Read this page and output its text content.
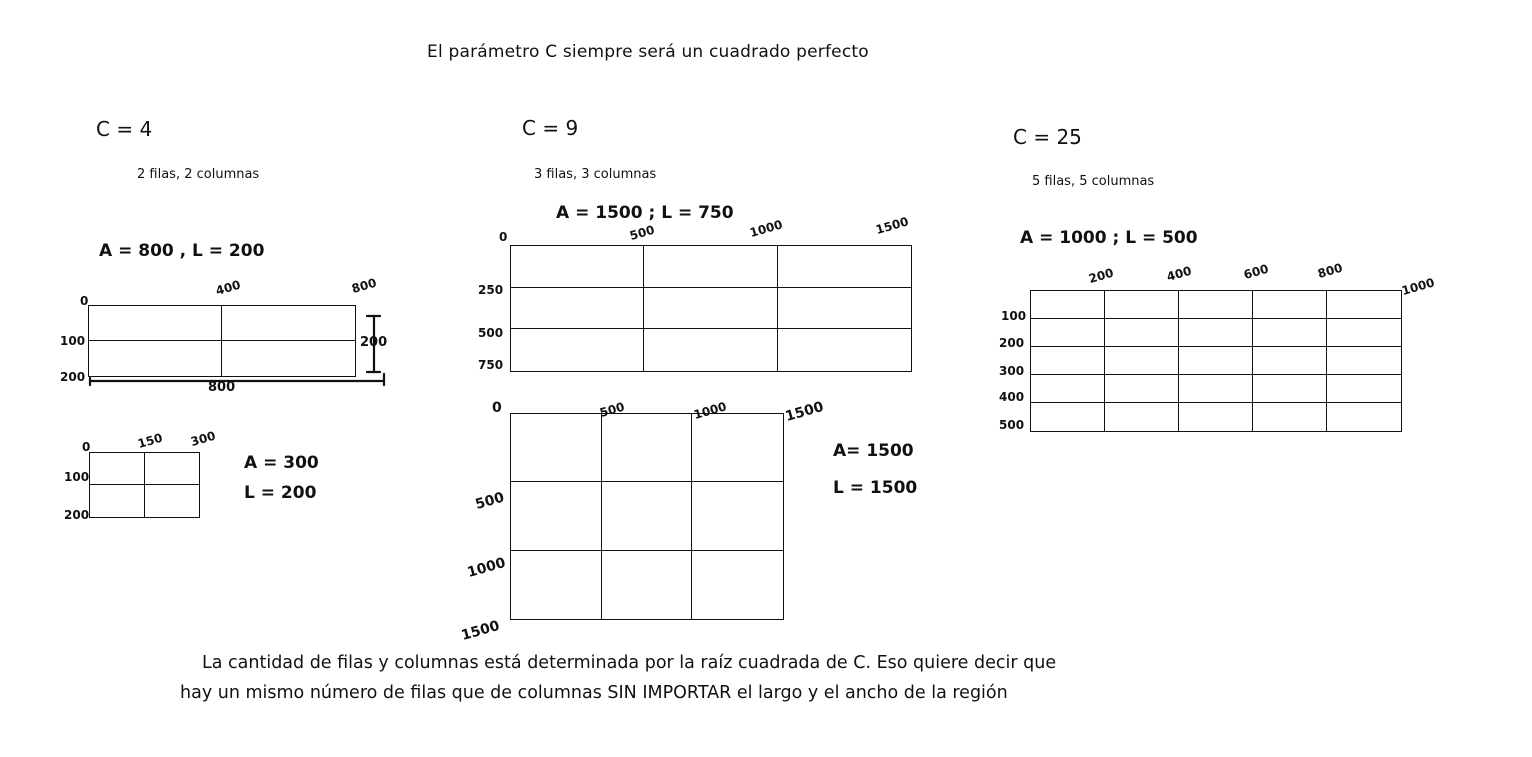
El parámetro C siempre será un cuadrado perfecto
C = 4
2 filas, 2 columnas
A = 800 , L = 200
0
400	800
100
200
800
200
0	150 300
100
200
A = 300
L = 200
C = 9
3 filas, 3 columnas
A = 1500 ; L = 750
0	500	1000	1500
250
500
750
0	500	1000	1500
500
1000
1500
A= 1500
L = 1500
C = 25
5 filas, 5 columnas
A = 1000 ; L = 500
200	400	600	800
1000
100
200
300
400
500
La cantidad de filas y columnas está determinada por la raíz cuadrada de C. Eso quiere decir que
hay un mismo número de filas que de columnas SIN IMPORTAR el largo y el ancho de la región
